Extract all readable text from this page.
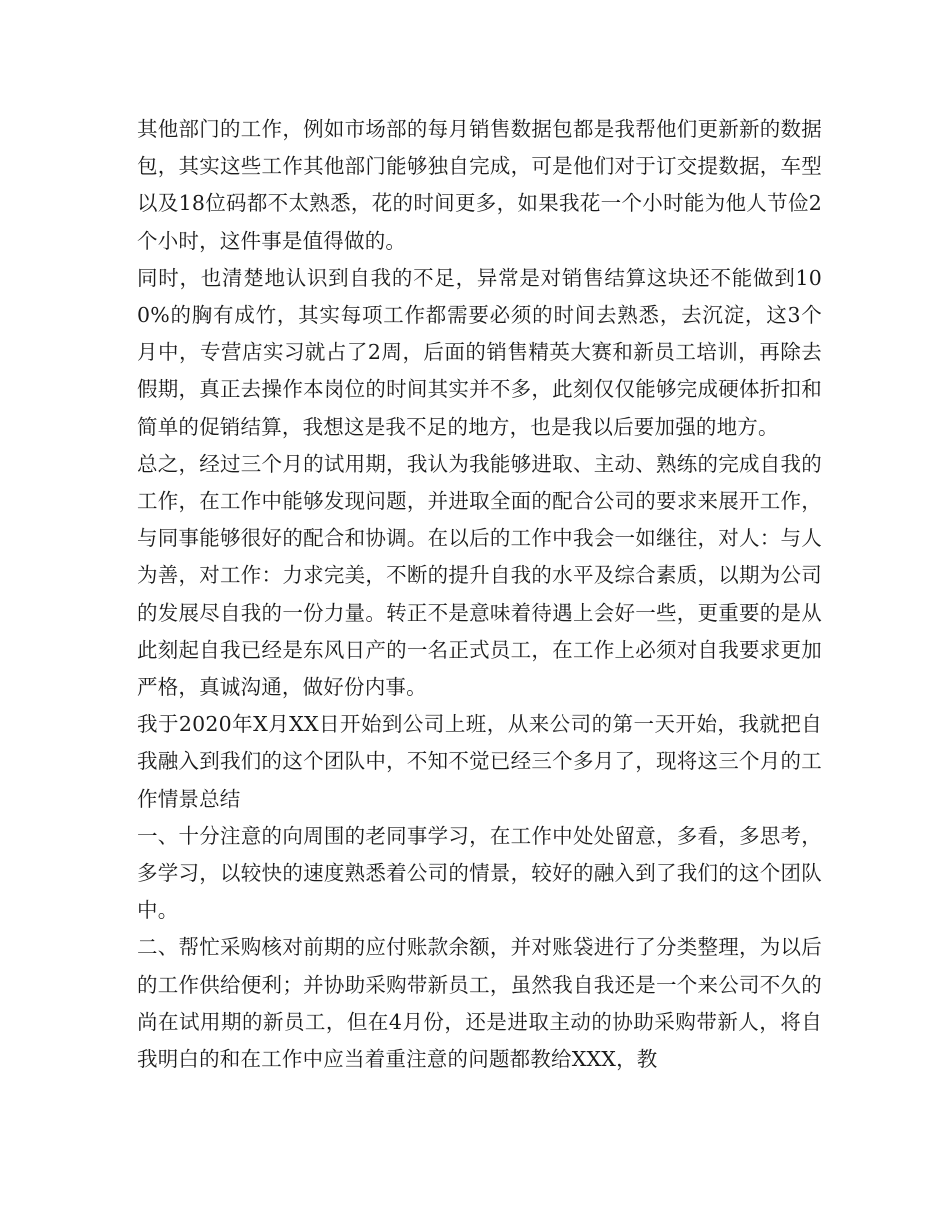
其他部门的工作，例如市场部的每月销售数据包都是我帮他们更新新的数据包，其实这些工作其他部门能够独自完成，可是他们对于订交提数据，车型以及18位码都不太熟悉，花的时间更多，如果我花一个小时能为他人节俭2个小时，这件事是值得做的。

同时，也清楚地认识到自我的不足，异常是对销售结算这块还不能做到100%的胸有成竹，其实每项工作都需要必须的时间去熟悉，去沉淀，这3个月中，专营店实习就占了2周，后面的销售精英大赛和新员工培训，再除去假期，真正去操作本岗位的时间其实并不多，此刻仅仅能够完成硬体折扣和简单的促销结算，我想这是我不足的地方，也是我以后要加强的地方。

总之，经过三个月的试用期，我认为我能够进取、主动、熟练的完成自我的工作，在工作中能够发现问题，并进取全面的配合公司的要求来展开工作，与同事能够很好的配合和协调。在以后的工作中我会一如继往，对人：与人为善，对工作：力求完美，不断的提升自我的水平及综合素质，以期为公司的发展尽自我的一份力量。转正不是意味着待遇上会好一些，更重要的是从此刻起自我已经是东风日产的一名正式员工，在工作上必须对自我要求更加严格，真诚沟通，做好份内事。

我于2020年X月XX日开始到公司上班，从来公司的第一天开始，我就把自我融入到我们的这个团队中，不知不觉已经三个多月了，现将这三个月的工作情景总结

一、十分注意的向周围的老同事学习，在工作中处处留意，多看，多思考，多学习，以较快的速度熟悉着公司的情景，较好的融入到了我们的这个团队中。

二、帮忙采购核对前期的应付账款余额，并对账袋进行了分类整理，为以后的工作供给便利；并协助采购带新员工，虽然我自我还是一个来公司不久的尚在试用期的新员工，但在4月份，还是进取主动的协助采购带新人，将自我明白的和在工作中应当着重注意的问题都教给XXX，教
